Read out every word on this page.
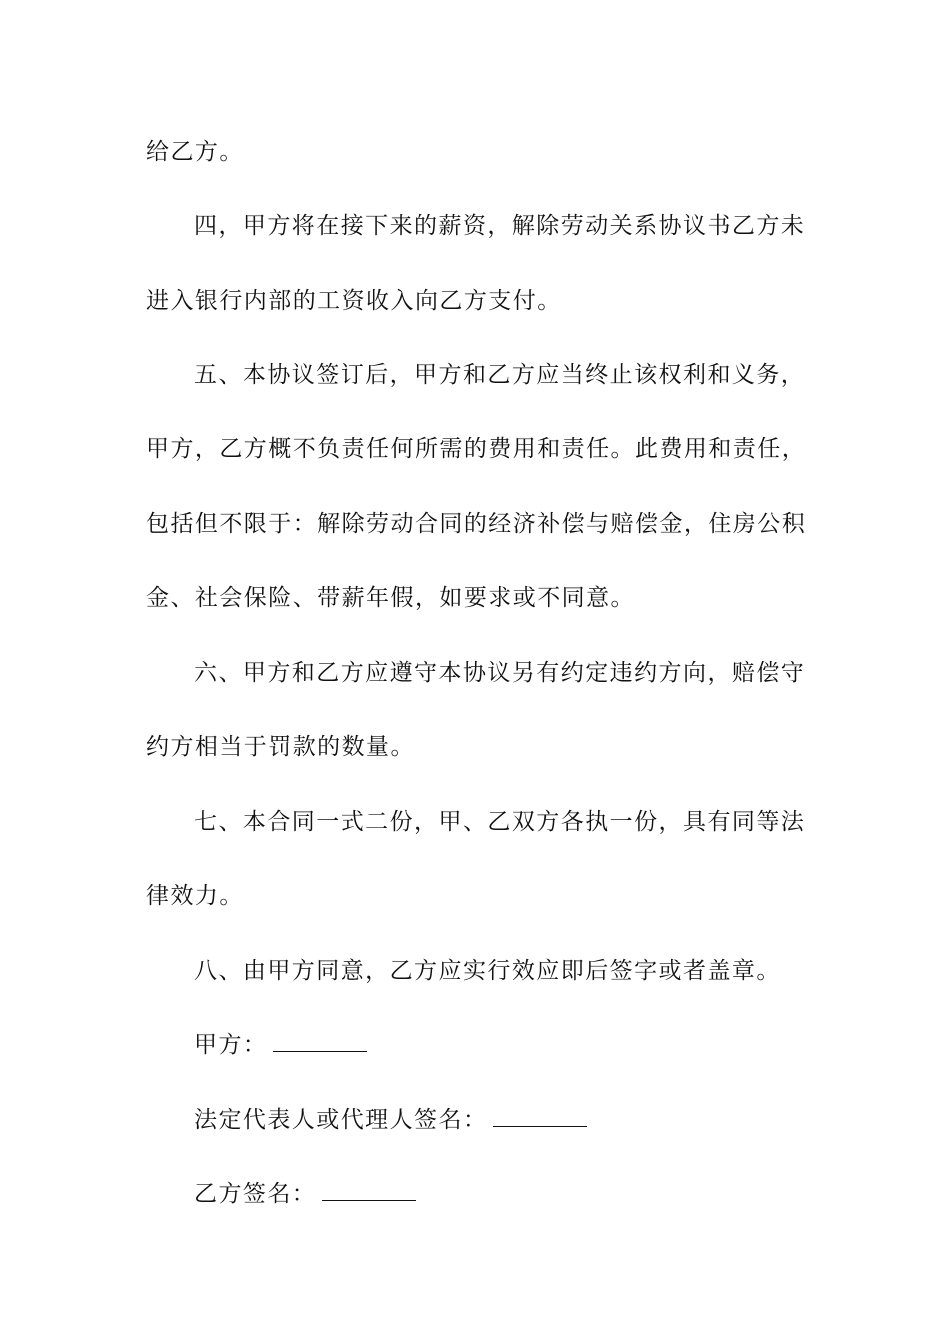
给乙方。
四，甲方将在接下来的薪资，解除劳动关系协议书乙方未
进入银行内部的工资收入向乙方支付。
五、本协议签订后，甲方和乙方应当终止该权利和义务，
甲方，乙方概不负责任何所需的费用和责任。此费用和责任，
包括但不限于：解除劳动合同的经济补偿与赔偿金，住房公积
金、社会保险、带薪年假，如要求或不同意。
六、甲方和乙方应遵守本协议另有约定违约方向，赔偿守
约方相当于罚款的数量。
七、本合同一式二份，甲、乙双方各执一份，具有同等法
律效力。
八、由甲方同意，乙方应实行效应即后签字或者盖章。
甲方：
法定代表人或代理人签名：
乙方签名：
